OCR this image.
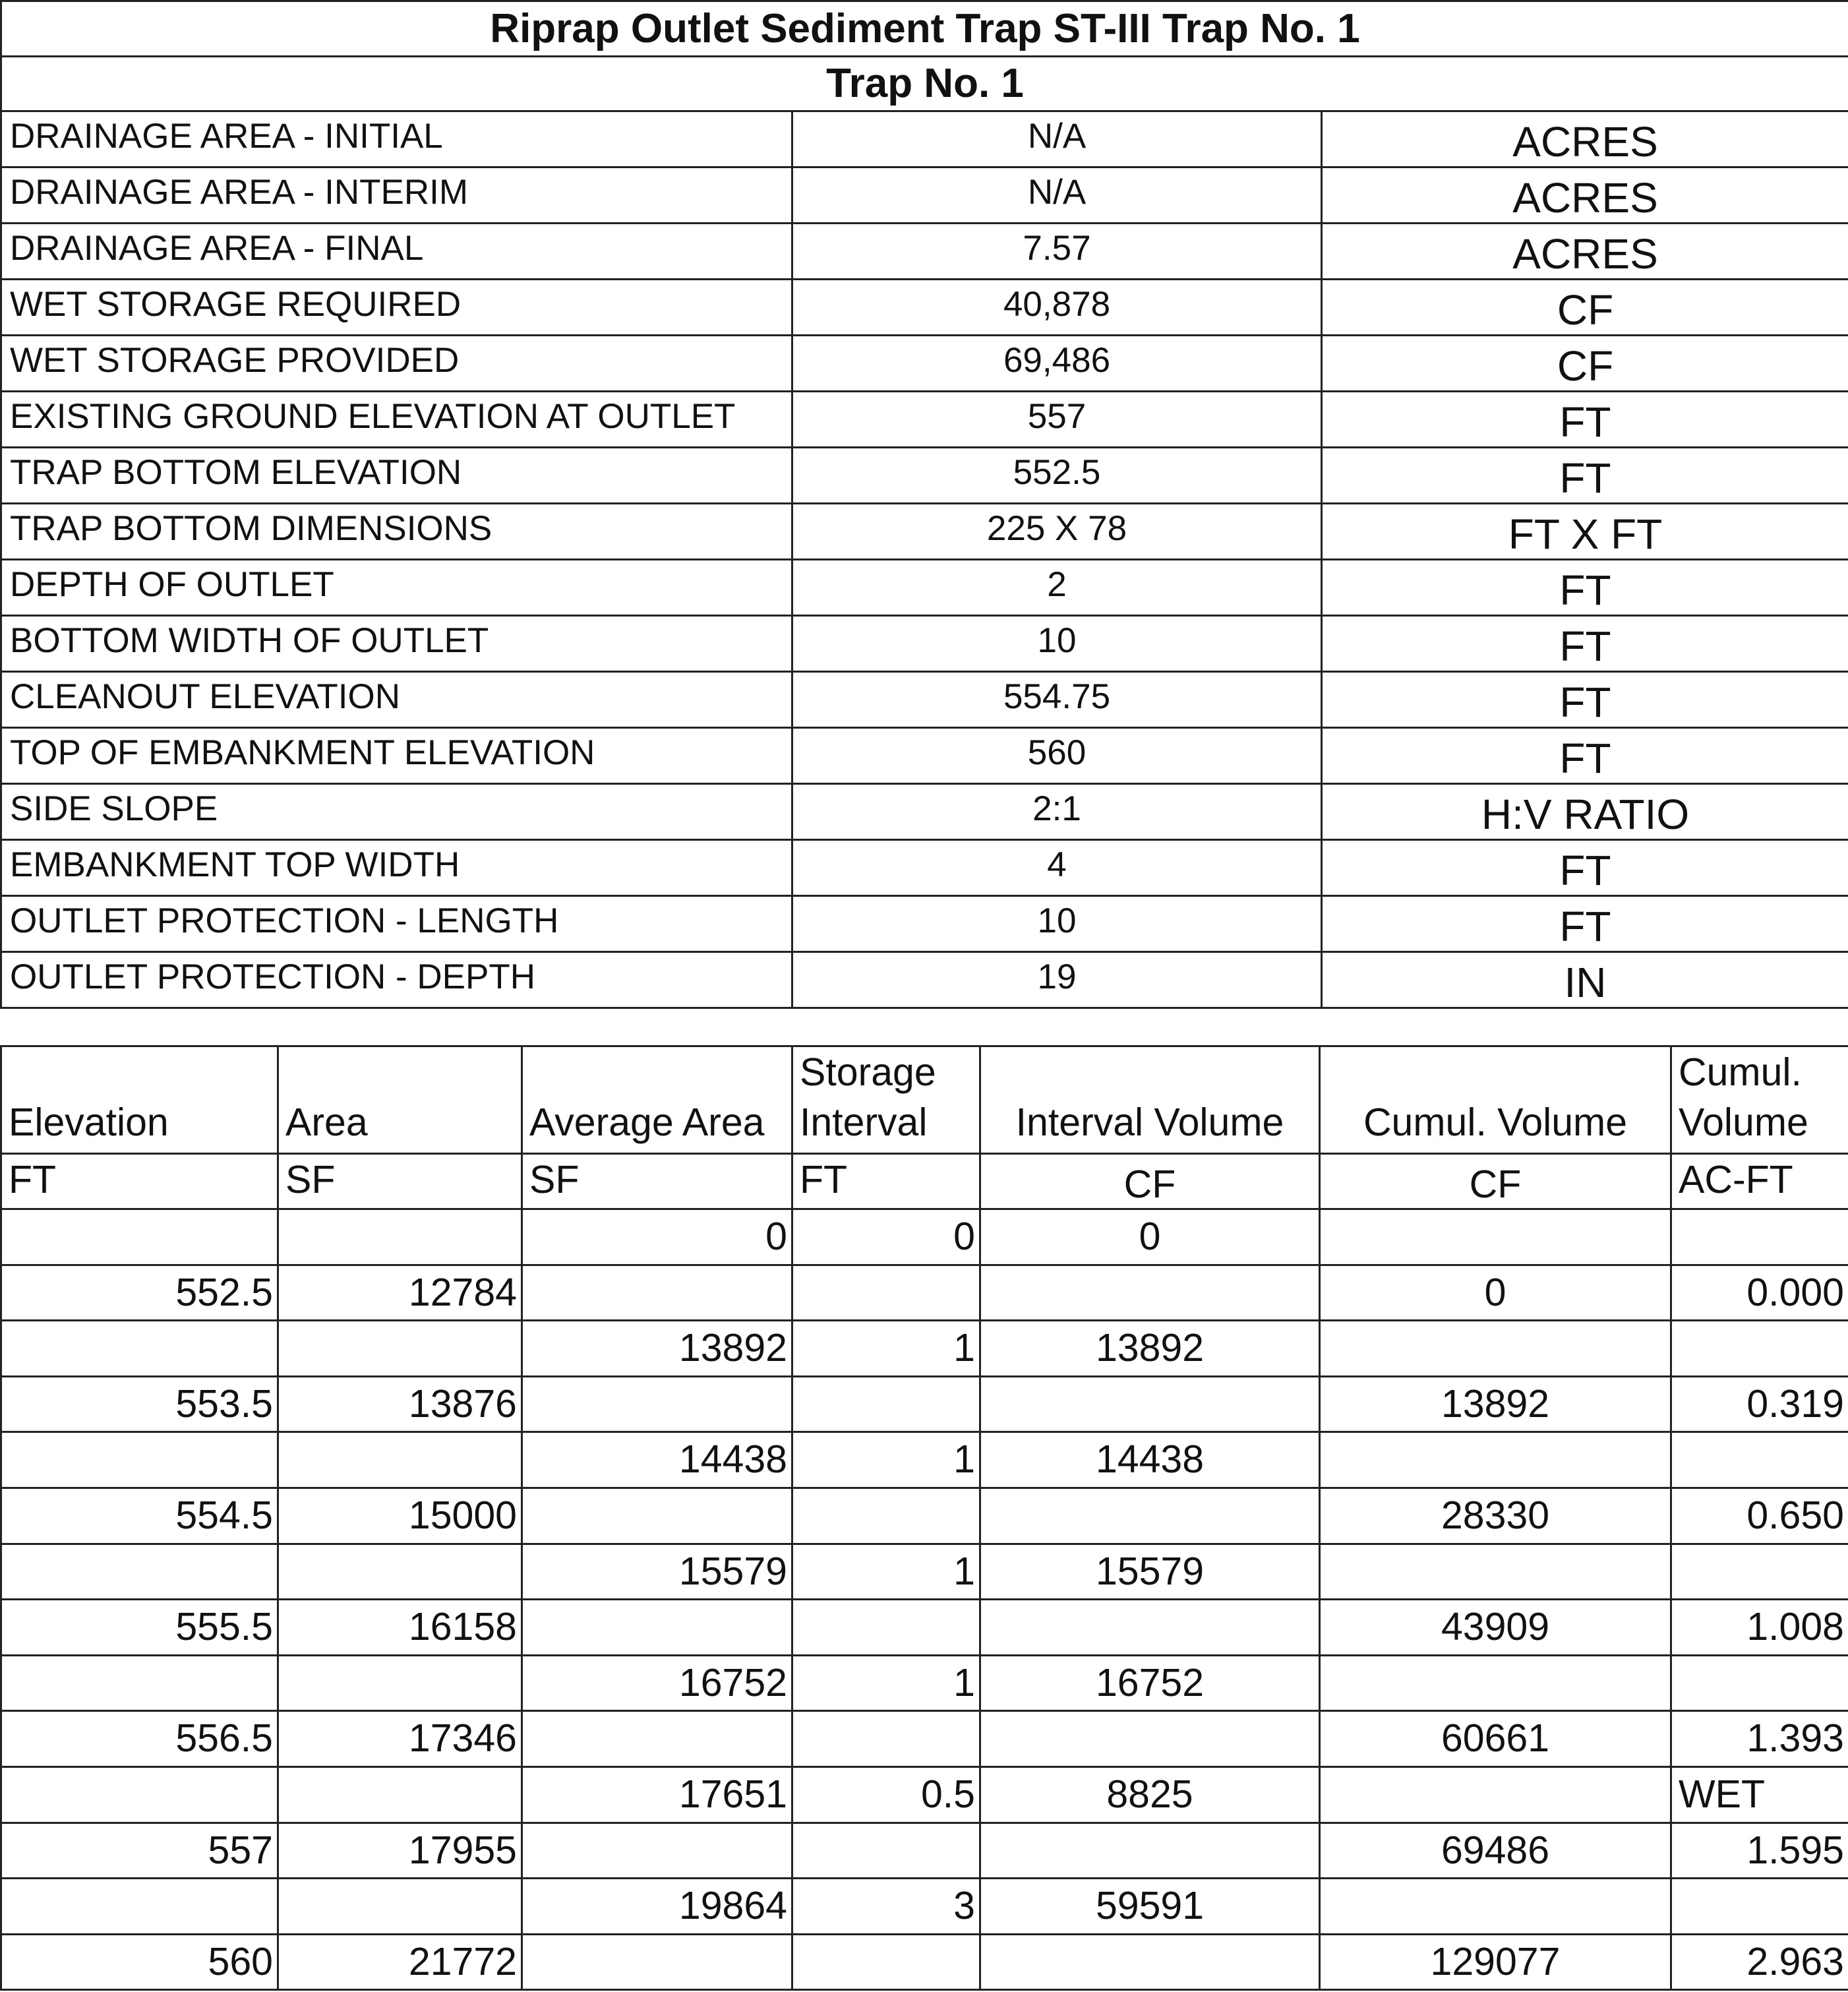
Riprap Outlet Sediment Trap ST-III Trap No. 1		
Trap No. 1		
DRAINAGE AREA - INITIAL	N/A	ACRES
DRAINAGE AREA - INTERIM	N/A	ACRES
DRAINAGE AREA - FINAL	7.57	ACRES
WET STORAGE REQUIRED	40,878	CF
WET STORAGE PROVIDED	69,486	CF
EXISTING GROUND ELEVATION AT OUTLET	557	FT
TRAP BOTTOM ELEVATION	552.5	FT
TRAP BOTTOM DIMENSIONS	225 X 78	FT X FT
DEPTH OF OUTLET	2	FT
BOTTOM WIDTH OF OUTLET	10	FT
CLEANOUT ELEVATION	554.75	FT
TOP OF EMBANKMENT ELEVATION	560	FT
SIDE SLOPE	2:1	H:V RATIO
EMBANKMENT TOP WIDTH	4	FT
OUTLET PROTECTION - LENGTH	10	FT
OUTLET PROTECTION - DEPTH	19	IN
Elevation	Area	Average Area	Storage Interval	Interval Volume	Cumul. Volume	Cumul. Volume
FT	SF	SF	FT	CF	CF	AC-FT
		0	0	0		
552.5	12784				0	0.000
		13892	1	13892		
553.5	13876				13892	0.319
		14438	1	14438		
554.5	15000				28330	0.650
		15579	1	15579		
555.5	16158				43909	1.008
		16752	1	16752		
556.5	17346				60661	1.393
		17651	0.5	8825		WET
557	17955				69486	1.595
		19864	3	59591		
560	21772				129077	2.963
